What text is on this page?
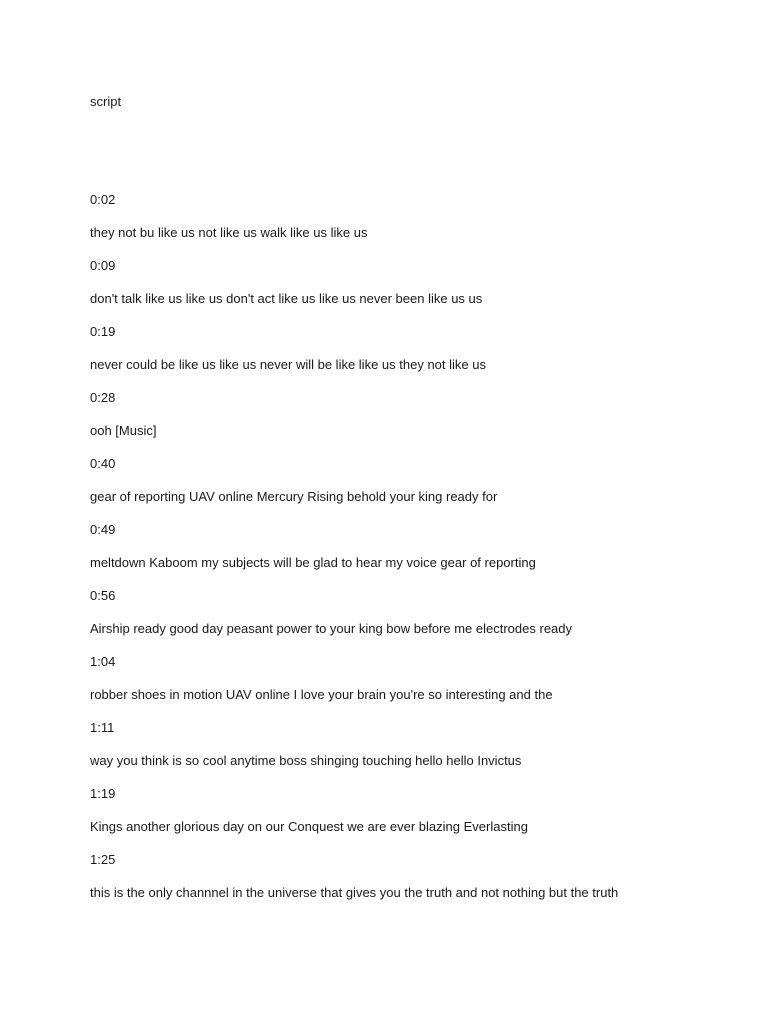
script
0:02
they not bu like us not like us walk like us like us
0:09
don't talk like us like us don't act like us like us never been like us us
0:19
never could be like us like us never will be like like us they not like us
0:28
ooh [Music]
0:40
gear of reporting UAV online Mercury Rising behold your king ready for
0:49
meltdown Kaboom my subjects will be glad to hear my voice gear of reporting
0:56
Airship ready good day peasant power to your king bow before me electrodes ready
1:04
robber shoes in motion UAV online I love your brain you're so interesting and the
1:11
way you think is so cool anytime boss shinging touching hello hello Invictus
1:19
Kings another glorious day on our Conquest we are ever blazing Everlasting
1:25
this is the only channnel in the universe that gives you the truth and not nothing but the truth
